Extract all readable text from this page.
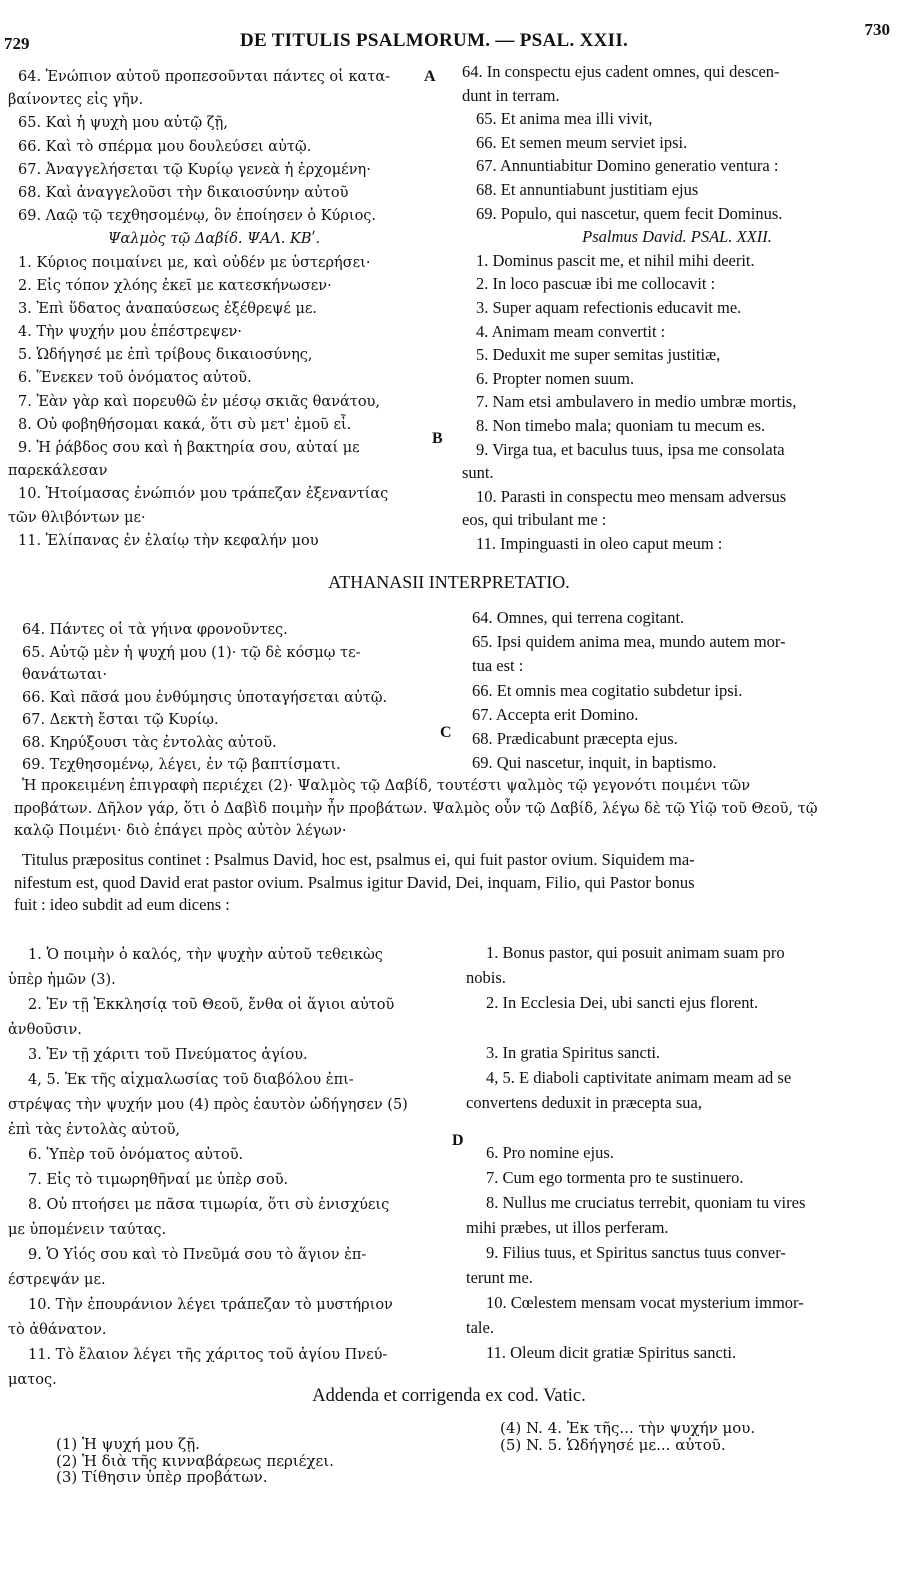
729	DE TITULIS PSALMORUM. — PSAL. XXII.
730
A
B
C
D
64. Ἐνώπιον αὐτοῦ προπεσοῦνται πάντες οἱ κατα-
βαίνοντες εἰς γῆν.
65. Καὶ ἡ ψυχὴ μου αὐτῷ ζῇ,
66. Καὶ τὸ σπέρμα μου δουλεύσει αὐτῷ.
67. Ἀναγγελήσεται τῷ Κυρίῳ γενεὰ ἡ ἐρχομένη·
68. Καὶ ἀναγγελοῦσι τὴν δικαιοσύνην αὐτοῦ
69. Λαῷ τῷ τεχθησομένῳ, ὃν ἐποίησεν ὁ Κύριος.
Ψαλμὸς τῷ Δαβίδ. ΨΑΛ. ΚΒʹ.
1. Κύριος ποιμαίνει με, καὶ οὐδέν με ὑστερήσει·
2. Εἰς τόπον χλόης ἐκεῖ με κατεσκήνωσεν·
3. Ἐπὶ ὕδατος ἀναπαύσεως ἐξέθρεψέ με.
4. Τὴν ψυχήν μου ἐπέστρεψεν·
5. Ὡδήγησέ με ἐπὶ τρίβους δικαιοσύνης,
6. Ἕνεκεν τοῦ ὀνόματος αὐτοῦ.
7. Ἐὰν γὰρ καὶ πορευθῶ ἐν μέσῳ σκιᾶς θανάτου,
8. Οὐ φοβηθήσομαι κακά, ὅτι σὺ μετ' ἐμοῦ εἶ.
9. Ἡ ῥάβδος σου καὶ ἡ βακτηρία σου, αὐταί με
παρεκάλεσαν
10. Ἡτοίμασας ἐνώπιόν μου τράπεζαν ἐξεναντίας
τῶν θλιβόντων με·
11. Ἐλίπανας ἐν ἐλαίῳ τὴν κεφαλήν μου
64. In conspectu ejus cadent omnes, qui descen-
dunt in terram.
65. Et anima mea illi vivit,
66. Et semen meum serviet ipsi.
67. Annuntiabitur Domino generatio ventura :
68. Et annuntiabunt justitiam ejus
69. Populo, qui nascetur, quem fecit Dominus.
Psalmus David. PSAL. XXII.
1. Dominus pascit me, et nihil mihi deerit.
2. In loco pascuæ ibi me collocavit :
3. Super aquam refectionis educavit me.
4. Animam meam convertit :
5. Deduxit me super semitas justitiæ,
6. Propter nomen suum.
7. Nam etsi ambulavero in medio umbræ mortis,
8. Non timebo mala; quoniam tu mecum es.
9. Virga tua, et baculus tuus, ipsa me consolata
sunt.
10. Parasti in conspectu meo mensam adversus
eos, qui tribulant me :
11. Impinguasti in oleo caput meum :
ATHANASII INTERPRETATIO.
64. Πάντες οἱ τὰ γήινα φρονοῦντες.
65. Αὐτῷ μὲν ἡ ψυχή μου (1)· τῷ δὲ κόσμῳ τε-
θανάτωται·
66. Καὶ πᾶσά μου ἐνθύμησις ὑποταγήσεται αὐτῷ.
67. Δεκτὴ ἔσται τῷ Κυρίῳ.
68. Κηρύξουσι τὰς ἐντολὰς αὐτοῦ.
69. Τεχθησομένῳ, λέγει, ἐν τῷ βαπτίσματι.
64. Omnes, qui terrena cogitant.
65. Ipsi quidem anima mea, mundo autem mor-
tua est :
66. Et omnis mea cogitatio subdetur ipsi.
67. Accepta erit Domino.
68. Prædicabunt præcepta ejus.
69. Qui nascetur, inquit, in baptismo.
Ἡ προκειμένη ἐπιγραφὴ περιέχει (2)· Ψαλμὸς τῷ Δαβίδ, τουτέστι ψαλμὸς τῷ γεγονότι ποιμένι τῶν
προβάτων. Δῆλον γάρ, ὅτι ὁ Δαβὶδ ποιμὴν ἦν προβάτων. Ψαλμὸς οὖν τῷ Δαβίδ, λέγω δὲ τῷ Υἱῷ τοῦ Θεοῦ, τῷ
καλῷ Ποιμένι· διὸ ἐπάγει πρὸς αὐτὸν λέγων·
Titulus præpositus continet : Psalmus David, hoc est, psalmus ei, qui fuit pastor ovium. Siquidem ma-
nifestum est, quod David erat pastor ovium. Psalmus igitur David, Dei, inquam, Filio, qui Pastor bonus
fuit : ideo subdit ad eum dicens :
1. Ὁ ποιμὴν ὁ καλός, τὴν ψυχὴν αὐτοῦ τεθεικὼς
ὑπὲρ ἡμῶν (3).
2. Ἐν τῇ Ἐκκλησίᾳ τοῦ Θεοῦ, ἔνθα οἱ ἅγιοι αὐτοῦ
ἀνθοῦσιν.
3. Ἐν τῇ χάριτι τοῦ Πνεύματος ἁγίου.
4, 5. Ἐκ τῆς αἰχμαλωσίας τοῦ διαβόλου ἐπι-
στρέψας τὴν ψυχήν μου (4) πρὸς ἑαυτὸν ὡδήγησεν (5)
ἐπὶ τὰς ἐντολὰς αὐτοῦ,
6. Ὑπὲρ τοῦ ὀνόματος αὐτοῦ.
7. Εἰς τὸ τιμωρηθῆναί με ὑπὲρ σοῦ.
8. Οὐ πτοήσει με πᾶσα τιμωρία, ὅτι σὺ ἐνισχύεις
με ὑπομένειν ταύτας.
9. Ὁ Υἱός σου καὶ τὸ Πνεῦμά σου τὸ ἅγιον ἐπ-
έστρεψάν με.
10. Τὴν ἐπουράνιον λέγει τράπεζαν τὸ μυστήριον
τὸ ἀθάνατον.
11. Τὸ ἔλαιον λέγει τῆς χάριτος τοῦ ἁγίου Πνεύ-
ματος.
1. Bonus pastor, qui posuit animam suam pro
nobis.
2. In Ecclesia Dei, ubi sancti ejus florent.
3. In gratia Spiritus sancti.
4, 5. E diaboli captivitate animam meam ad se
convertens deduxit in præcepta sua,
6. Pro nomine ejus.
7. Cum ego tormenta pro te sustinuero.
8. Nullus me cruciatus terrebit, quoniam tu vires
mihi præbes, ut illos perferam.
9. Filius tuus, et Spiritus sanctus tuus conver-
terunt me.
10. Cœlestem mensam vocat mysterium immor-
tale.
11. Oleum dicit gratiæ Spiritus sancti.
Addenda et corrigenda ex cod. Vatic.
(1) Ἡ ψυχή μου ζῇ.
(2) Ἡ διὰ τῆς κινναβάρεως περιέχει.
(3) Τίθησιν ὑπὲρ προβάτων.
(4) N. 4. Ἐκ τῆς... τὴν ψυχήν μου.
(5) N. 5. Ὡδήγησέ με... αὐτοῦ.
